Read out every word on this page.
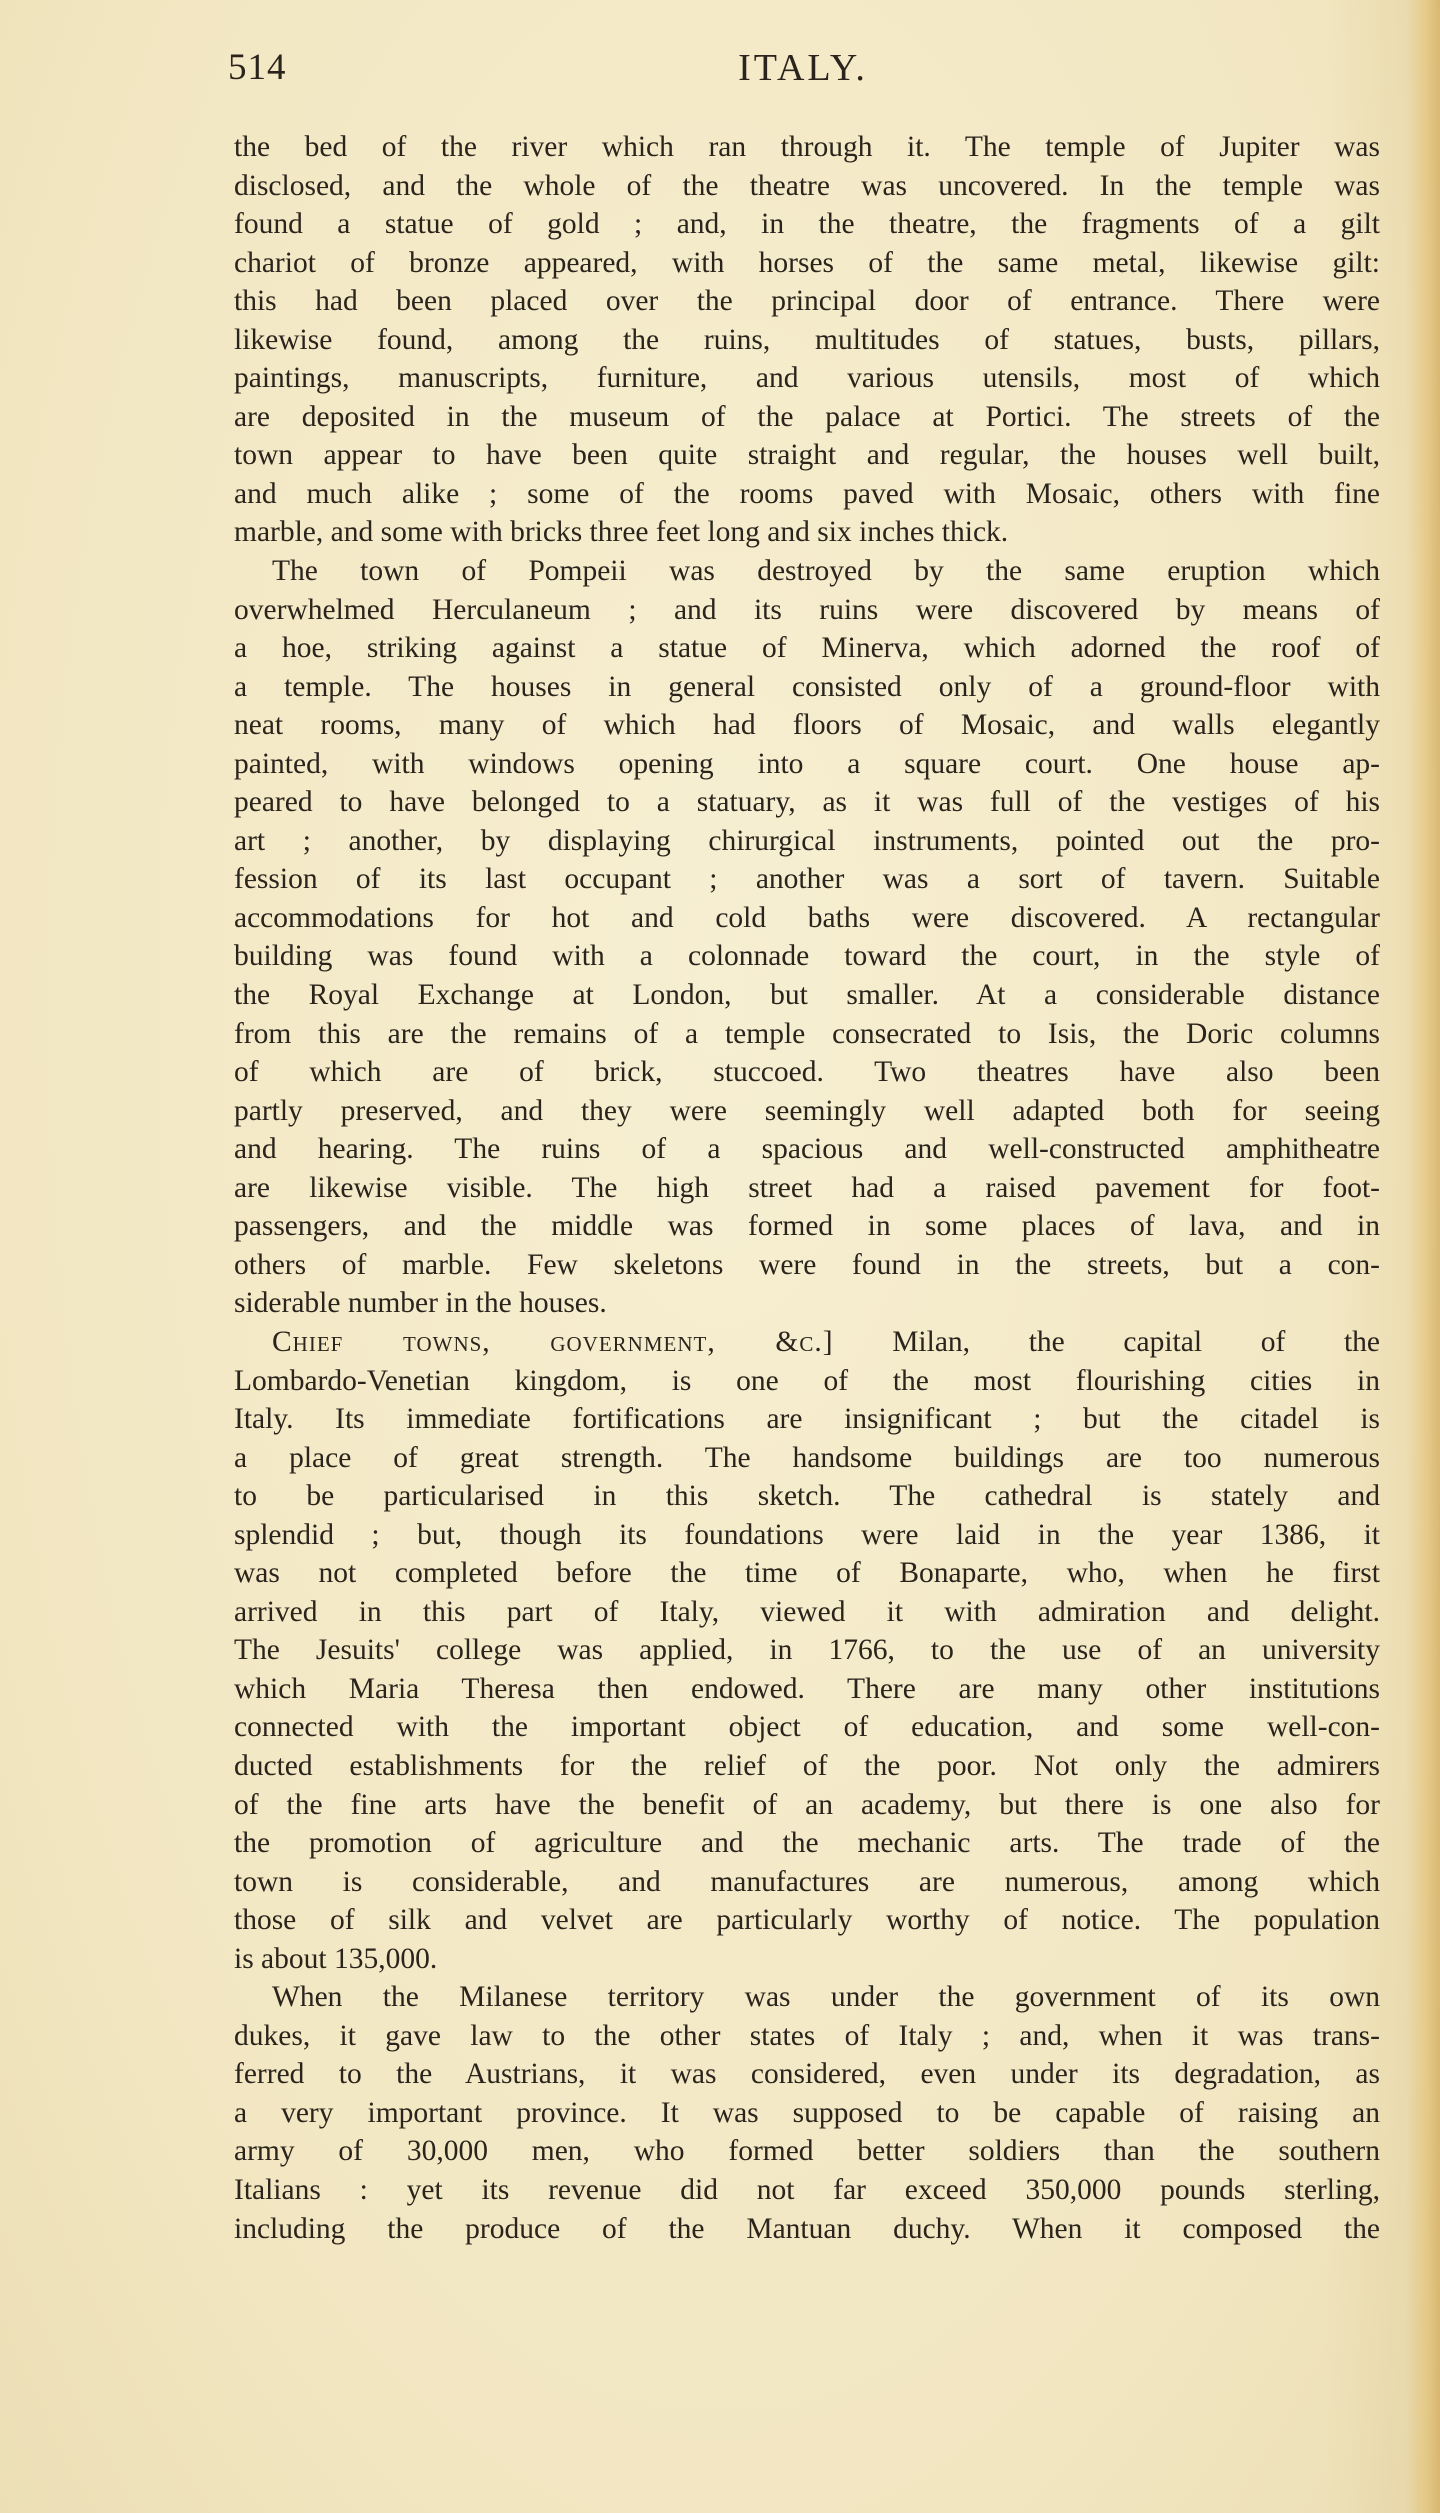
514	ITALY.
the bed of the river which ran through it. The temple of Jupiter was
disclosed, and the whole of the theatre was uncovered. In the temple was
found a statue of gold ; and, in the theatre, the fragments of a gilt
chariot of bronze appeared, with horses of the same metal, likewise gilt:
this had been placed over the principal door of entrance. There were
likewise found, among the ruins, multitudes of statues, busts, pillars,
paintings, manuscripts, furniture, and various utensils, most of which
are deposited in the museum of the palace at Portici. The streets of the
town appear to have been quite straight and regular, the houses well built,
and much alike ; some of the rooms paved with Mosaic, others with fine
marble, and some with bricks three feet long and six inches thick.
The town of Pompeii was destroyed by the same eruption which
overwhelmed Herculaneum ; and its ruins were discovered by means of
a hoe, striking against a statue of Minerva, which adorned the roof of
a temple. The houses in general consisted only of a ground-floor with
neat rooms, many of which had floors of Mosaic, and walls elegantly
painted, with windows opening into a square court. One house ap-
peared to have belonged to a statuary, as it was full of the vestiges of his
art ; another, by displaying chirurgical instruments, pointed out the pro-
fession of its last occupant ; another was a sort of tavern. Suitable
accommodations for hot and cold baths were discovered. A rectangular
building was found with a colonnade toward the court, in the style of
the Royal Exchange at London, but smaller. At a considerable distance
from this are the remains of a temple consecrated to Isis, the Doric columns
of which are of brick, stuccoed. Two theatres have also been
partly preserved, and they were seemingly well adapted both for seeing
and hearing. The ruins of a spacious and well-constructed amphitheatre
are likewise visible. The high street had a raised pavement for foot-
passengers, and the middle was formed in some places of lava, and in
others of marble. Few skeletons were found in the streets, but a con-
siderable number in the houses.
Chief towns, government, &c.] Milan, the capital of the
Lombardo-Venetian kingdom, is one of the most flourishing cities in
Italy. Its immediate fortifications are insignificant ; but the citadel is
a place of great strength. The handsome buildings are too numerous
to be particularised in this sketch. The cathedral is stately and
splendid ; but, though its foundations were laid in the year 1386, it
was not completed before the time of Bonaparte, who, when he first
arrived in this part of Italy, viewed it with admiration and delight.
The Jesuits' college was applied, in 1766, to the use of an university
which Maria Theresa then endowed. There are many other institutions
connected with the important object of education, and some well-con-
ducted establishments for the relief of the poor. Not only the admirers
of the fine arts have the benefit of an academy, but there is one also for
the promotion of agriculture and the mechanic arts. The trade of the
town is considerable, and manufactures are numerous, among which
those of silk and velvet are particularly worthy of notice. The population
is about 135,000.
When the Milanese territory was under the government of its own
dukes, it gave law to the other states of Italy ; and, when it was trans-
ferred to the Austrians, it was considered, even under its degradation, as
a very important province. It was supposed to be capable of raising an
army of 30,000 men, who formed better soldiers than the southern
Italians : yet its revenue did not far exceed 350,000 pounds sterling,
including the produce of the Mantuan duchy. When it composed the
